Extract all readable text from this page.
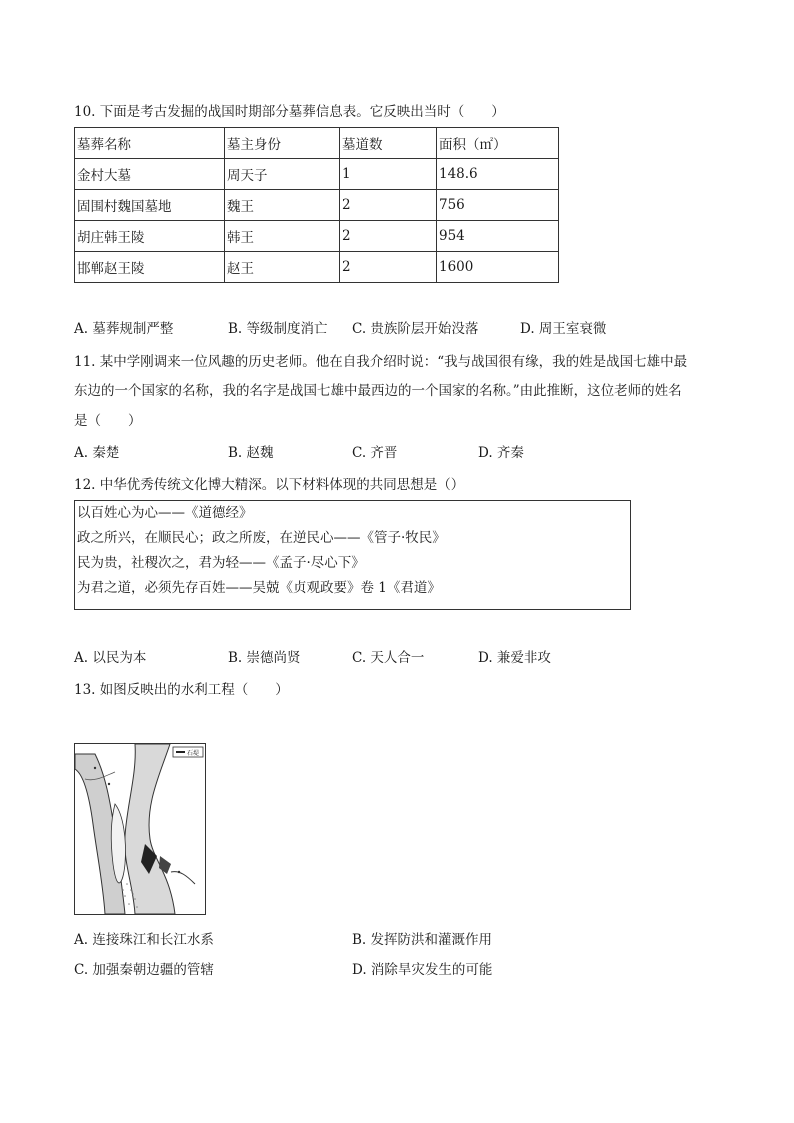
10. 下面是考古发掘的战国时期部分墓葬信息表。它反映出当时（　　）
墓葬名称	墓主身份	墓道数	面积（㎡）
金村大墓	周天子	1	148.6
固围村魏国墓地	魏王	2	756
胡庄韩王陵	韩王	2	954
邯郸赵王陵	赵王	2	1600
A. 墓葬规制严整	B. 等级制度消亡 C. 贵族阶层开始没落	D. 周王室衰微
11. 某中学刚调来一位风趣的历史老师。他在自我介绍时说：“我与战国很有缘，我的姓是战国七雄中最
东边的一个国家的名称，我的名字是战国七雄中最西边的一个国家的名称。”由此推断，这位老师的姓名
是（　　）
A. 秦楚	B. 赵魏	C. 齐晋	D. 齐秦
12. 中华优秀传统文化博大精深。以下材料体现的共同思想是（）
以百姓心为心——《道德经》
政之所兴，在顺民心；政之所废，在逆民心——《管子·牧民》
民为贵，社稷次之，君为轻——《孟子·尽心下》
为君之道，必须先存百姓——吴兢《贞观政要》卷 1《君道》
A. 以民为本	B. 崇德尚贤	C. 天人合一	D. 兼爱非攻
13. 如图反映出的水利工程（　　）
石堤
A. 连接珠江和长江水系	B. 发挥防洪和灌溉作用
C. 加强秦朝边疆的管辖	D. 消除旱灾发生的可能
